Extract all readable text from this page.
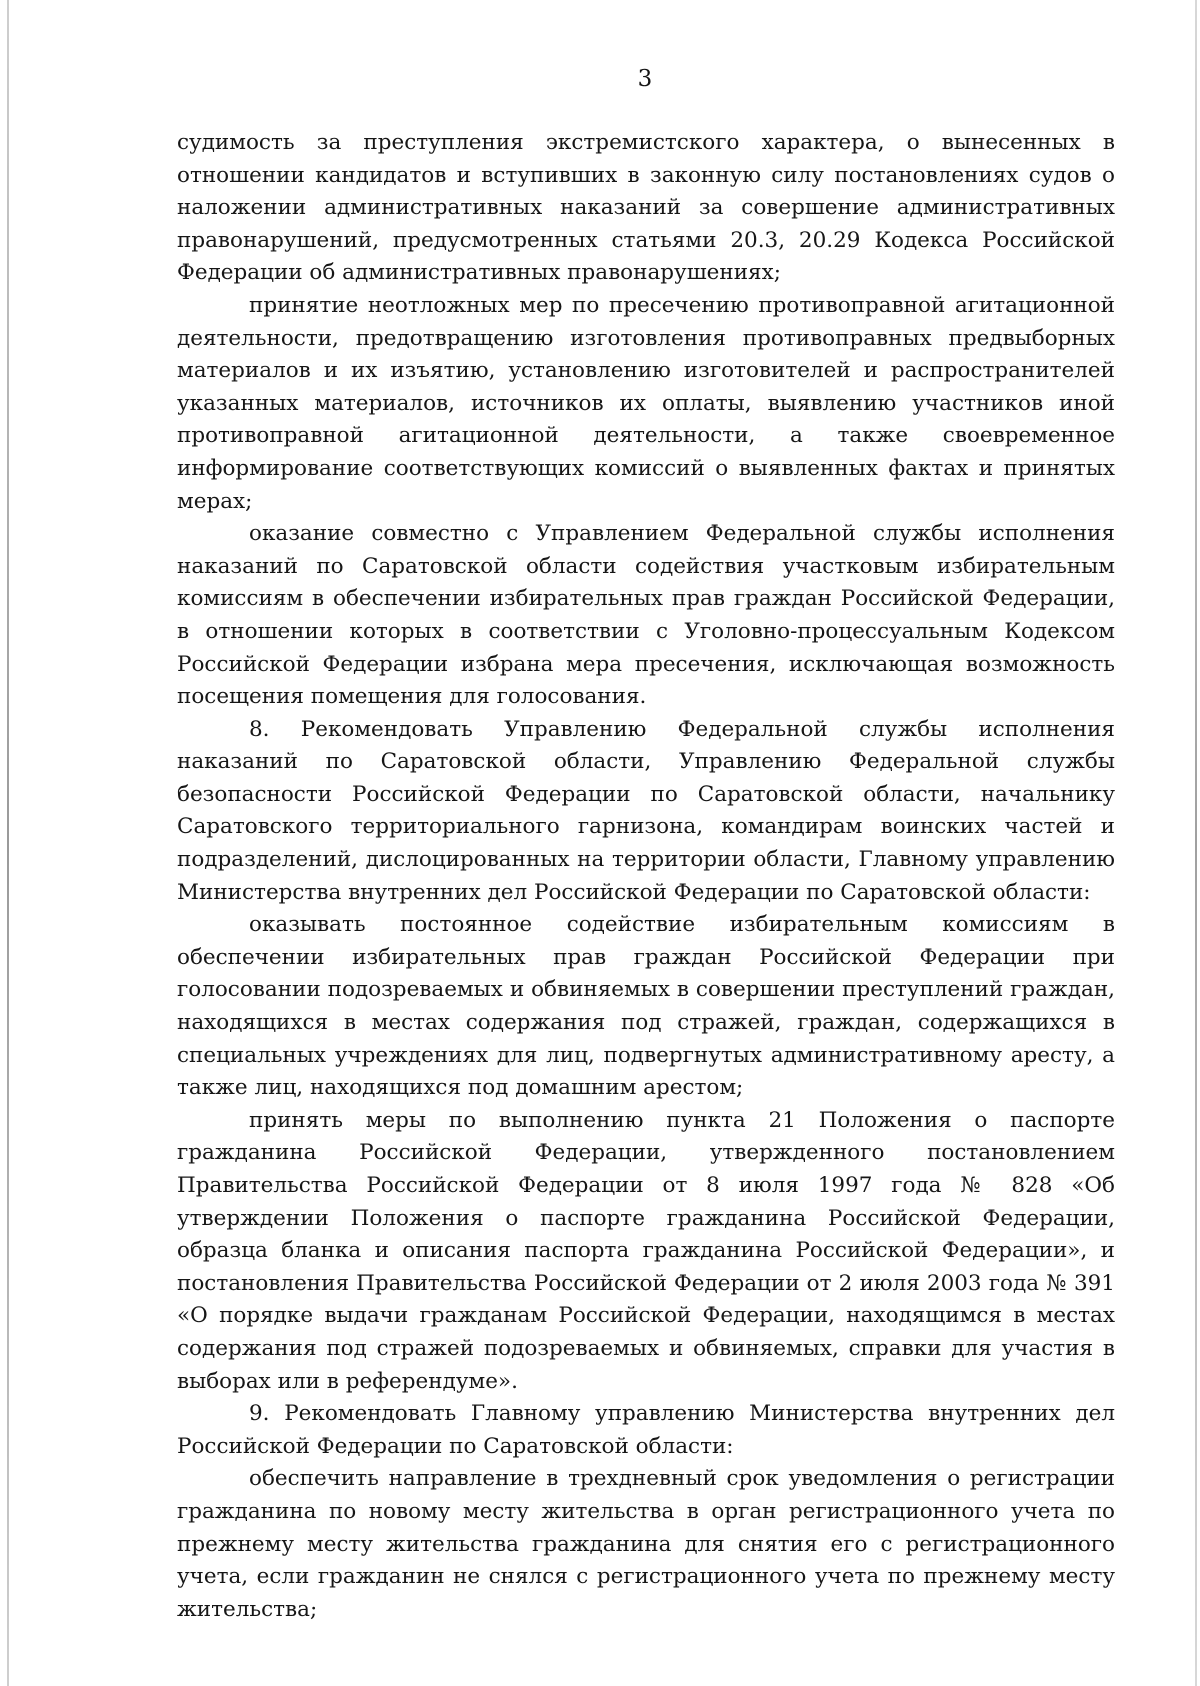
3

судимость за преступления экстремистского характера, о вынесенных в отношении кандидатов и вступивших в законную силу постановлениях судов о наложении административных наказаний за совершение административных правонарушений, предусмотренных статьями 20.3, 20.29 Кодекса Российской Федерации об административных правонарушениях;

принятие неотложных мер по пресечению противоправной агитационной деятельности, предотвращению изготовления противоправных предвыборных материалов и их изъятию, установлению изготовителей и распространителей указанных материалов, источников их оплаты, выявлению участников иной противоправной агитационной деятельности, а также своевременное информирование соответствующих комиссий о выявленных фактах и принятых мерах;

оказание совместно с Управлением Федеральной службы исполнения наказаний по Саратовской области содействия участковым избирательным комиссиям в обеспечении избирательных прав граждан Российской Федерации, в отношении которых в соответствии с Уголовно-процессуальным Кодексом Российской Федерации избрана мера пресечения, исключающая возможность посещения помещения для голосования.

8. Рекомендовать Управлению Федеральной службы исполнения наказаний по Саратовской области, Управлению Федеральной службы безопасности Российской Федерации по Саратовской области, начальнику Саратовского территориального гарнизона, командирам воинских частей и подразделений, дислоцированных на территории области, Главному управлению Министерства внутренних дел Российской Федерации по Саратовской области:

оказывать постоянное содействие избирательным комиссиям в обеспечении избирательных прав граждан Российской Федерации при голосовании подозреваемых и обвиняемых в совершении преступлений граждан, находящихся в местах содержания под стражей, граждан, содержащихся в специальных учреждениях для лиц, подвергнутых административному аресту, а также лиц, находящихся под домашним арестом;

принять меры по выполнению пункта 21 Положения о паспорте гражданина Российской Федерации, утвержденного постановлением Правительства Российской Федерации от 8 июля 1997 года № 828 «Об утверждении Положения о паспорте гражданина Российской Федерации, образца бланка и описания паспорта гражданина Российской Федерации», и постановления Правительства Российской Федерации от 2 июля 2003 года № 391 «О порядке выдачи гражданам Российской Федерации, находящимся в местах содержания под стражей подозреваемых и обвиняемых, справки для участия в выборах или в референдуме».

9. Рекомендовать Главному управлению Министерства внутренних дел Российской Федерации по Саратовской области:

обеспечить направление в трехдневный срок уведомления о регистрации гражданина по новому месту жительства в орган регистрационного учета по прежнему месту жительства гражданина для снятия его с регистрационного учета, если гражданин не снялся с регистрационного учета по прежнему месту жительства;
